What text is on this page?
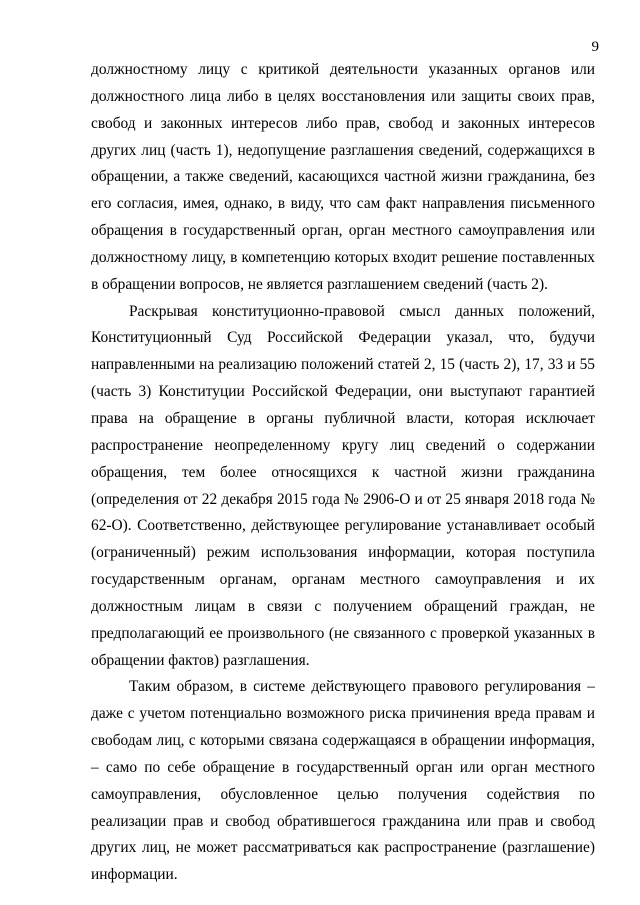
9

должностному лицу с критикой деятельности указанных органов или должностного лица либо в целях восстановления или защиты своих прав, свобод и законных интересов либо прав, свобод и законных интересов других лиц (часть 1), недопущение разглашения сведений, содержащихся в обращении, а также сведений, касающихся частной жизни гражданина, без его согласия, имея, однако, в виду, что сам факт направления письменного обращения в государственный орган, орган местного самоуправления или должностному лицу, в компетенцию которых входит решение поставленных в обращении вопросов, не является разглашением сведений (часть 2).

Раскрывая конституционно-правовой смысл данных положений, Конституционный Суд Российской Федерации указал, что, будучи направленными на реализацию положений статей 2, 15 (часть 2), 17, 33 и 55 (часть 3) Конституции Российской Федерации, они выступают гарантией права на обращение в органы публичной власти, которая исключает распространение неопределенному кругу лиц сведений о содержании обращения, тем более относящихся к частной жизни гражданина (определения от 22 декабря 2015 года № 2906-О и от 25 января 2018 года № 62-О). Соответственно, действующее регулирование устанавливает особый (ограниченный) режим использования информации, которая поступила государственным органам, органам местного самоуправления и их должностным лицам в связи с получением обращений граждан, не предполагающий ее произвольного (не связанного с проверкой указанных в обращении фактов) разглашения.

Таким образом, в системе действующего правового регулирования – даже с учетом потенциально возможного риска причинения вреда правам и свободам лиц, с которыми связана содержащаяся в обращении информация, – само по себе обращение в государственный орган или орган местного самоуправления, обусловленное целью получения содействия по реализации прав и свобод обратившегося гражданина или прав и свобод других лиц, не может рассматриваться как распространение (разглашение) информации.
